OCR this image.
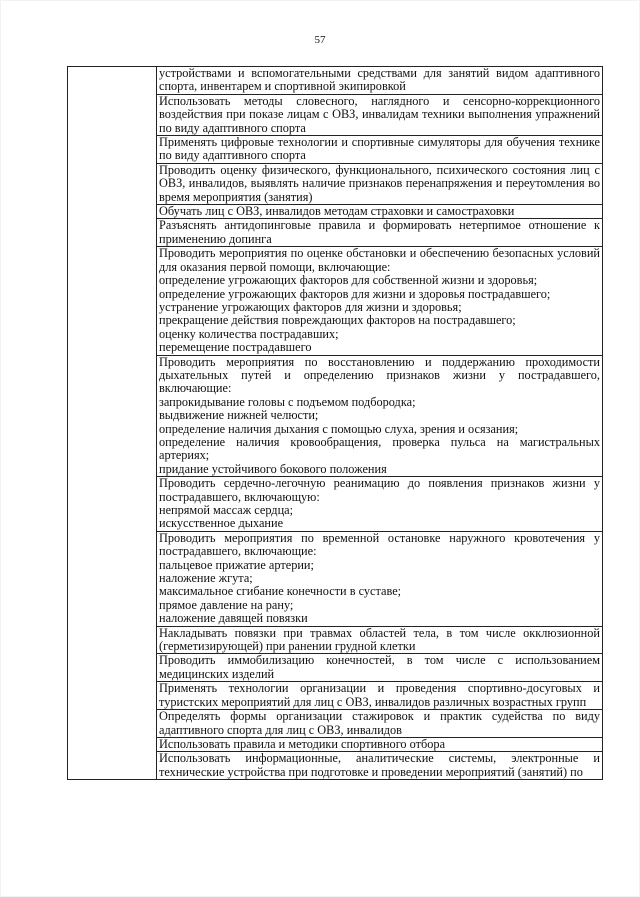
57

устройствами и вспомогательными средствами для занятий видом адаптивного спорта, инвентарем и спортивной экипировкой

Использовать методы словесного, наглядного и сенсорно-коррекционного воздействия при показе лицам с ОВЗ, инвалидам техники выполнения упражнений по виду адаптивного спорта

Применять цифровые технологии и спортивные симуляторы для обучения технике по виду адаптивного спорта

Проводить оценку физического, функционального, психического состояния лиц с ОВЗ, инвалидов, выявлять наличие признаков перенапряжения и переутомления во время мероприятия (занятия)

Обучать лиц с ОВЗ, инвалидов методам страховки и самостраховки

Разъяснять антидопинговые правила и формировать нетерпимое отношение к применению допинга

Проводить мероприятия по оценке обстановки и обеспечению безопасных условий для оказания первой помощи, включающие:
определение угрожающих факторов для собственной жизни и здоровья;
определение угрожающих факторов для жизни и здоровья пострадавшего;
устранение угрожающих факторов для жизни и здоровья;
прекращение действия повреждающих факторов на пострадавшего;
оценку количества пострадавших;
перемещение пострадавшего

Проводить мероприятия по восстановлению и поддержанию проходимости дыхательных путей и определению признаков жизни у пострадавшего, включающие:
запрокидывание головы с подъемом подбородка;
выдвижение нижней челюсти;
определение наличия дыхания с помощью слуха, зрения и осязания;
определение наличия кровообращения, проверка пульса на магистральных артериях;
придание устойчивого бокового положения

Проводить сердечно-легочную реанимацию до появления признаков жизни у пострадавшего, включающую:
непрямой массаж сердца;
искусственное дыхание

Проводить мероприятия по временной остановке наружного кровотечения у пострадавшего, включающие:
пальцевое прижатие артерии;
наложение жгута;
максимальное сгибание конечности в суставе;
прямое давление на рану;
наложение давящей повязки

Накладывать повязки при травмах областей тела, в том числе окклюзионной (герметизирующей) при ранении грудной клетки

Проводить иммобилизацию конечностей, в том числе с использованием медицинских изделий

Применять технологии организации и проведения спортивно-досуговых и туристских мероприятий для лиц с ОВЗ, инвалидов различных возрастных групп

Определять формы организации стажировок и практик судейства по виду адаптивного спорта для лиц с ОВЗ, инвалидов

Использовать правила и методики спортивного отбора

Использовать информационные, аналитические системы, электронные и технические устройства при подготовке и проведении мероприятий (занятий) по
